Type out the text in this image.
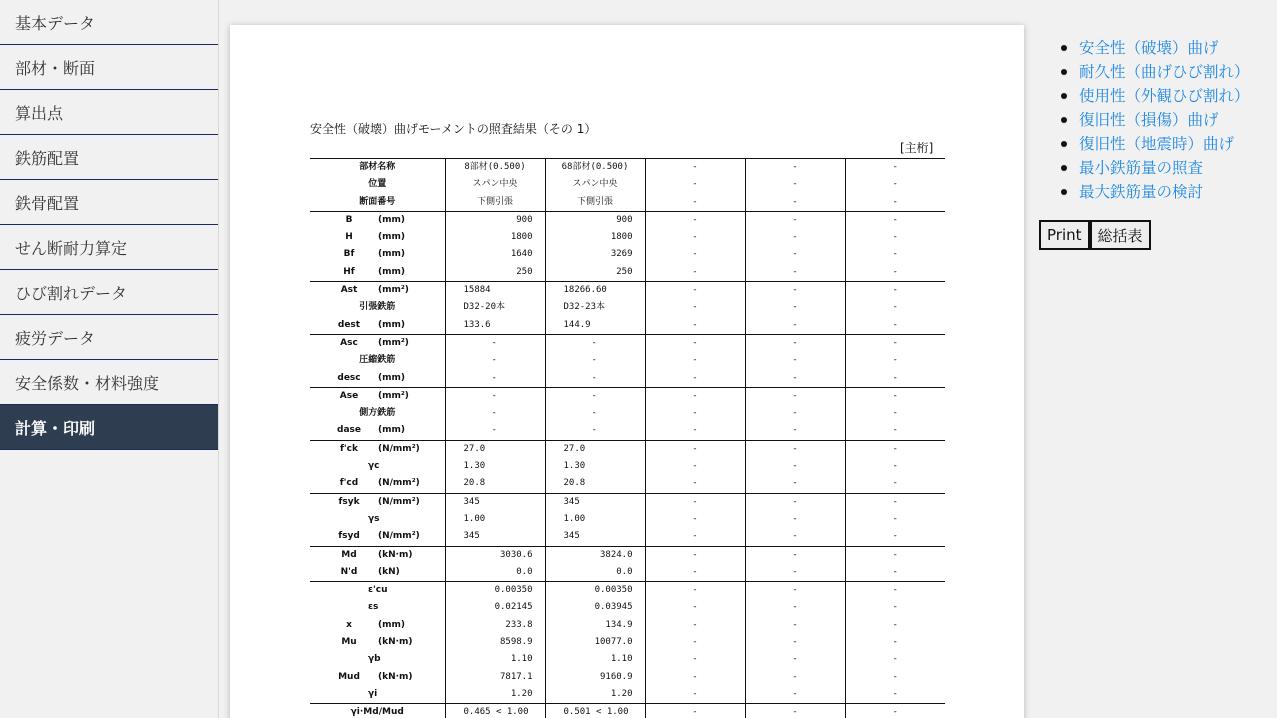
基本データ
部材・断面
算出点
鉄筋配置
鉄骨配置
せん断耐力算定
ひび割れデータ
疲労データ
安全係数・材料強度
計算・印刷
安全性（破壊）曲げモーメントの照査結果（その 1）
[主桁]
部材名称	8部材(0.500)	68部材(0.500)	-	-	-
位置	スパン中央	スパン中央	-	-	-
断面番号	下側引張	下側引張	-	-	-
B (mm)	900	900	-	-	-
H (mm)	1800	1800	-	-	-
Bf (mm)	1640	3269	-	-	-
Hf (mm)	250	250	-	-	-
Ast (mm²)	15884	18266.60	-	-	-
引張鉄筋	D32-20本	D32-23本	-	-	-
dest (mm)	133.6	144.9	-	-	-
Asc (mm²)	-	-	-	-	-
圧縮鉄筋	-	-	-	-	-
desc (mm)	-	-	-	-	-
Ase (mm²)	-	-	-	-	-
側方鉄筋	-	-	-	-	-
dase (mm)	-	-	-	-	-
f'ck (N/mm²)	27.0	27.0	-	-	-
γc	1.30	1.30	-	-	-
f'cd (N/mm²)	20.8	20.8	-	-	-
fsyk (N/mm²)	345	345	-	-	-
γs	1.00	1.00	-	-	-
fsyd (N/mm²)	345	345	-	-	-
Md (kN·m)	3030.6	3824.0	-	-	-
N'd (kN)	0.0	0.0	-	-	-
ε'cu	0.00350	0.00350	-	-	-
εs	0.02145	0.03945	-	-	-
x (mm)	233.8	134.9	-	-	-
Mu (kN·m)	8598.9	10077.0	-	-	-
γb	1.10	1.10	-	-	-
Mud (kN·m)	7817.1	9160.9	-	-	-
γi	1.20	1.20	-	-	-
γi·Md/Mud	0.465 < 1.00	0.501 < 1.00	-	-	-
安全性（破壊）曲げ
耐久性（曲げひび割れ）
使用性（外観ひび割れ）
復旧性（損傷）曲げ
復旧性（地震時）曲げ
最小鉄筋量の照査
最大鉄筋量の検討
Print	総括表
